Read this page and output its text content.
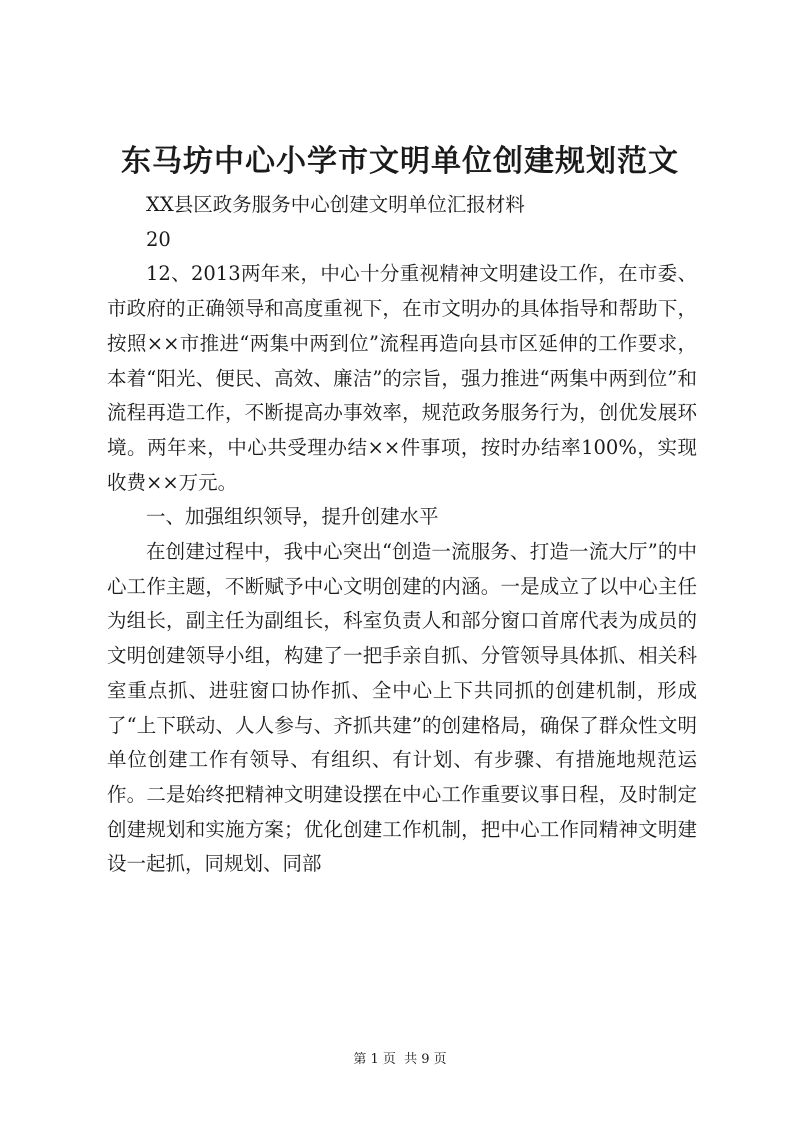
东马坊中心小学市文明单位创建规划范文

XX县区政务服务中心创建文明单位汇报材料

20

12、2013两年来，中心十分重视精神文明建设工作，在市委、市政府的正确领导和高度重视下，在市文明办的具体指导和帮助下，按照××市推进“两集中两到位”流程再造向县市区延伸的工作要求，本着“阳光、便民、高效、廉洁”的宗旨，强力推进“两集中两到位”和流程再造工作，不断提高办事效率，规范政务服务行为，创优发展环境。两年来，中心共受理办结××件事项，按时办结率100%，实现收费××万元。

一、加强组织领导，提升创建水平

在创建过程中，我中心突出“创造一流服务、打造一流大厅”的中心工作主题，不断赋予中心文明创建的内涵。一是成立了以中心主任为组长，副主任为副组长，科室负责人和部分窗口首席代表为成员的文明创建领导小组，构建了一把手亲自抓、分管领导具体抓、相关科室重点抓、进驻窗口协作抓、全中心上下共同抓的创建机制，形成了“上下联动、人人参与、齐抓共建”的创建格局，确保了群众性文明单位创建工作有领导、有组织、有计划、有步骤、有措施地规范运作。二是始终把精神文明建设摆在中心工作重要议事日程，及时制定创建规划和实施方案；优化创建工作机制，把中心工作同精神文明建设一起抓，同规划、同部

第 1 页  共 9 页
